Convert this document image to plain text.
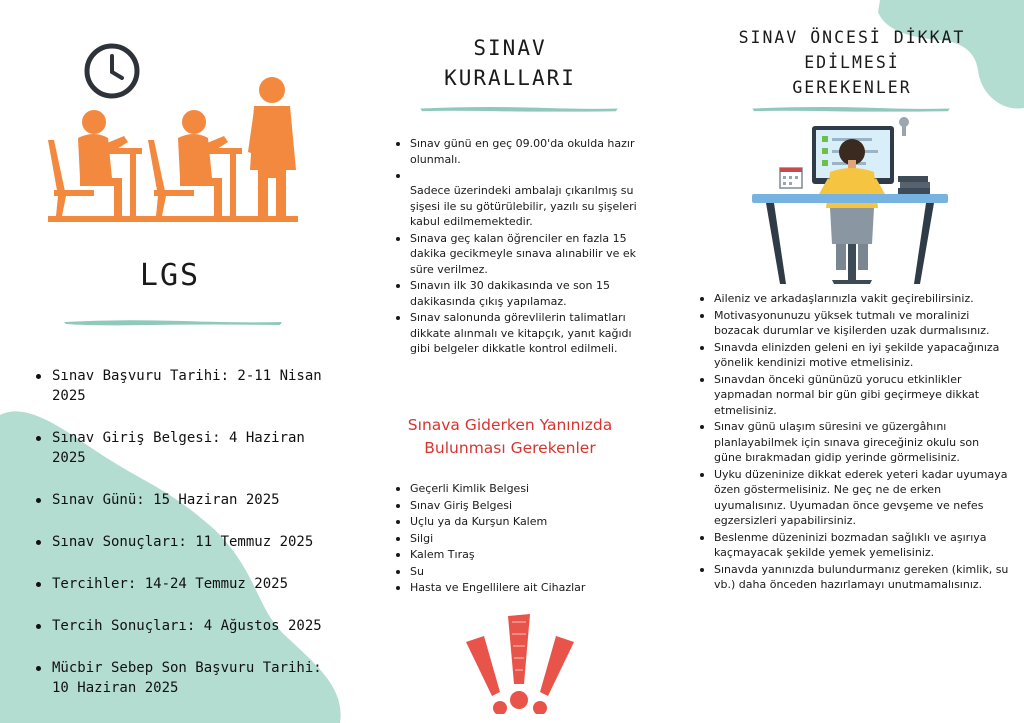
LGS
Sınav Başvuru Tarihi: 2-11 Nisan 2025
Sınav Giriş Belgesi: 4 Haziran 2025
Sınav Günü: 15 Haziran 2025
Sınav Sonuçları: 11 Temmuz 2025
Tercihler: 14-24 Temmuz 2025
Tercih Sonuçları: 4 Ağustos 2025
Mücbir Sebep Son Başvuru Tarihi: 10 Haziran 2025
SINAV
KURALLARI
Sınav günü en geç 09.00'da okulda hazır olunmalı.
Sadece üzerindeki ambalajı çıkarılmış su şişesi ile su götürülebilir, yazılı su şişeleri kabul edilmemektedir.
Sınava geç kalan öğrenciler en fazla 15 dakika gecikmeyle sınava alınabilir ve ek süre verilmez.
Sınavın ilk 30 dakikasında ve son 15 dakikasında çıkış yapılamaz.
Sınav salonunda görevlilerin talimatları dikkate alınmalı ve kitapçık, yanıt kağıdı gibi belgeler dikkatle kontrol edilmeli.
Sınava Giderken Yanınızda
Bulunması Gerekenler
Geçerli Kimlik Belgesi
Sınav Giriş Belgesi
Uçlu ya da Kurşun Kalem
Silgi
Kalem Tıraş
Su
Hasta ve Engellilere ait Cihazlar
SINAV ÖNCESİ DİKKAT
EDİLMESİ
GEREKENLER
Aileniz ve arkadaşlarınızla vakit geçirebilirsiniz.
Motivasyonunuzu yüksek tutmalı ve moralinizi bozacak durumlar ve kişilerden uzak durmalısınız.
Sınavda elinizden geleni en iyi şekilde yapacağınıza yönelik kendinizi motive etmelisiniz.
Sınavdan önceki gününüzü yorucu etkinlikler yapmadan normal bir gün gibi geçirmeye dikkat etmelisiniz.
Sınav günü ulaşım süresini ve güzergâhını planlayabilmek için sınava gireceğiniz okulu son güne bırakmadan gidip yerinde görmelisiniz.
Uyku düzeninize dikkat ederek yeteri kadar uyumaya özen göstermelisiniz. Ne geç ne de erken uyumalısınız. Uyumadan önce gevşeme ve nefes egzersizleri yapabilirsiniz.
Beslenme düzeninizi bozmadan sağlıklı ve aşırıya kaçmayacak şekilde yemek yemelisiniz.
Sınavda yanınızda bulundurmanız gereken (kimlik, su vb.) daha önceden hazırlamayı unutmamalısınız.
